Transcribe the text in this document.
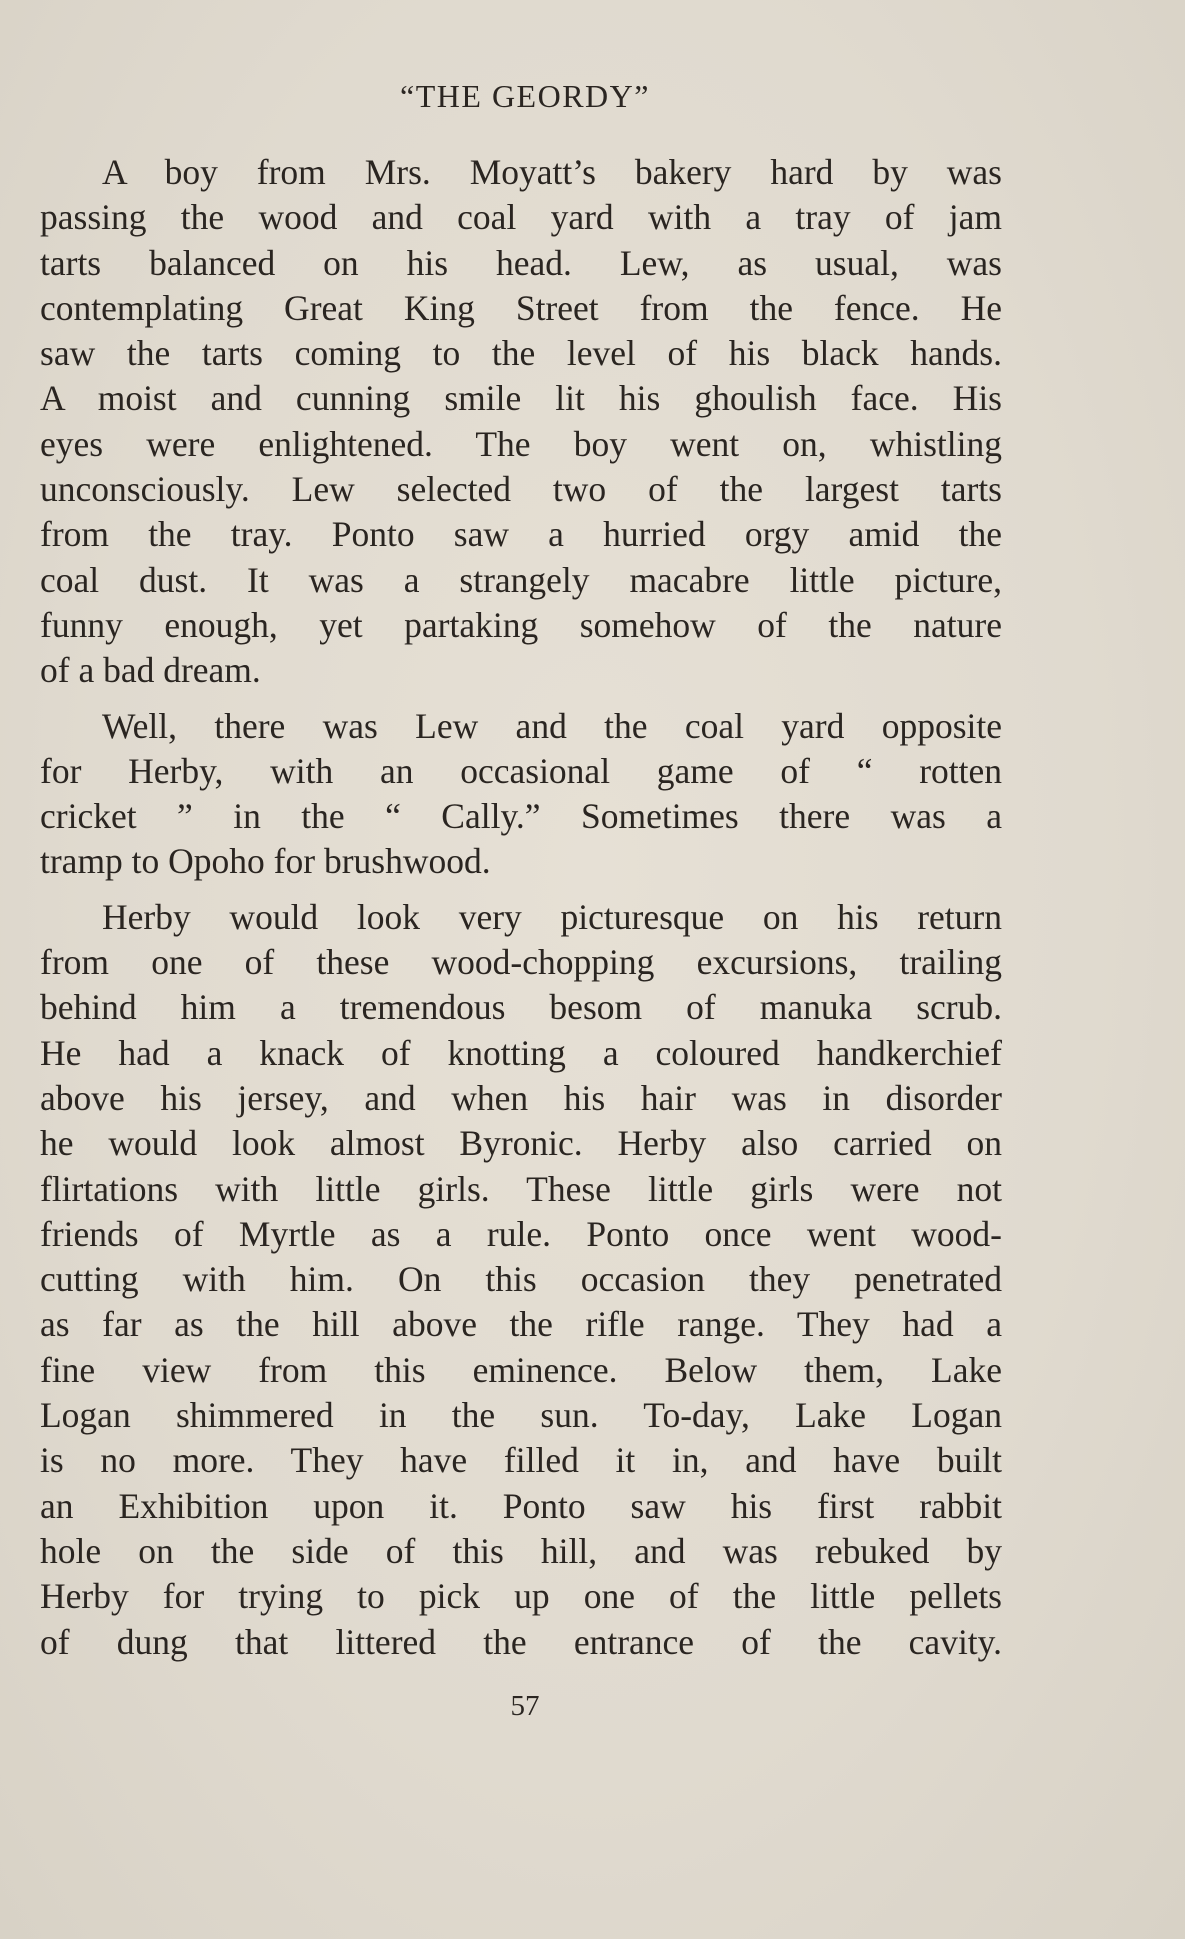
“THE GEORDY”
A boy from Mrs. Moyatt’s bakery hard by was
passing the wood and coal yard with a tray of jam
tarts balanced on his head. Lew, as usual, was
contemplating Great King Street from the fence. He
saw the tarts coming to the level of his black hands.
A moist and cunning smile lit his ghoulish face. His
eyes were enlightened. The boy went on, whistling
unconsciously. Lew selected two of the largest tarts
from the tray. Ponto saw a hurried orgy amid the
coal dust. It was a strangely macabre little picture,
funny enough, yet partaking somehow of the nature
of a bad dream.
Well, there was Lew and the coal yard opposite
for Herby, with an occasional game of “ rotten
cricket ” in the “ Cally.” Sometimes there was a
tramp to Opoho for brushwood.
Herby would look very picturesque on his return
from one of these wood-chopping excursions, trailing
behind him a tremendous besom of manuka scrub.
He had a knack of knotting a coloured handkerchief
above his jersey, and when his hair was in disorder
he would look almost Byronic. Herby also carried on
flirtations with little girls. These little girls were not
friends of Myrtle as a rule. Ponto once went wood-
cutting with him. On this occasion they penetrated
as far as the hill above the rifle range. They had a
fine view from this eminence. Below them, Lake
Logan shimmered in the sun. To-day, Lake Logan
is no more. They have filled it in, and have built
an Exhibition upon it. Ponto saw his first rabbit
hole on the side of this hill, and was rebuked by
Herby for trying to pick up one of the little pellets
of dung that littered the entrance of the cavity.
57
